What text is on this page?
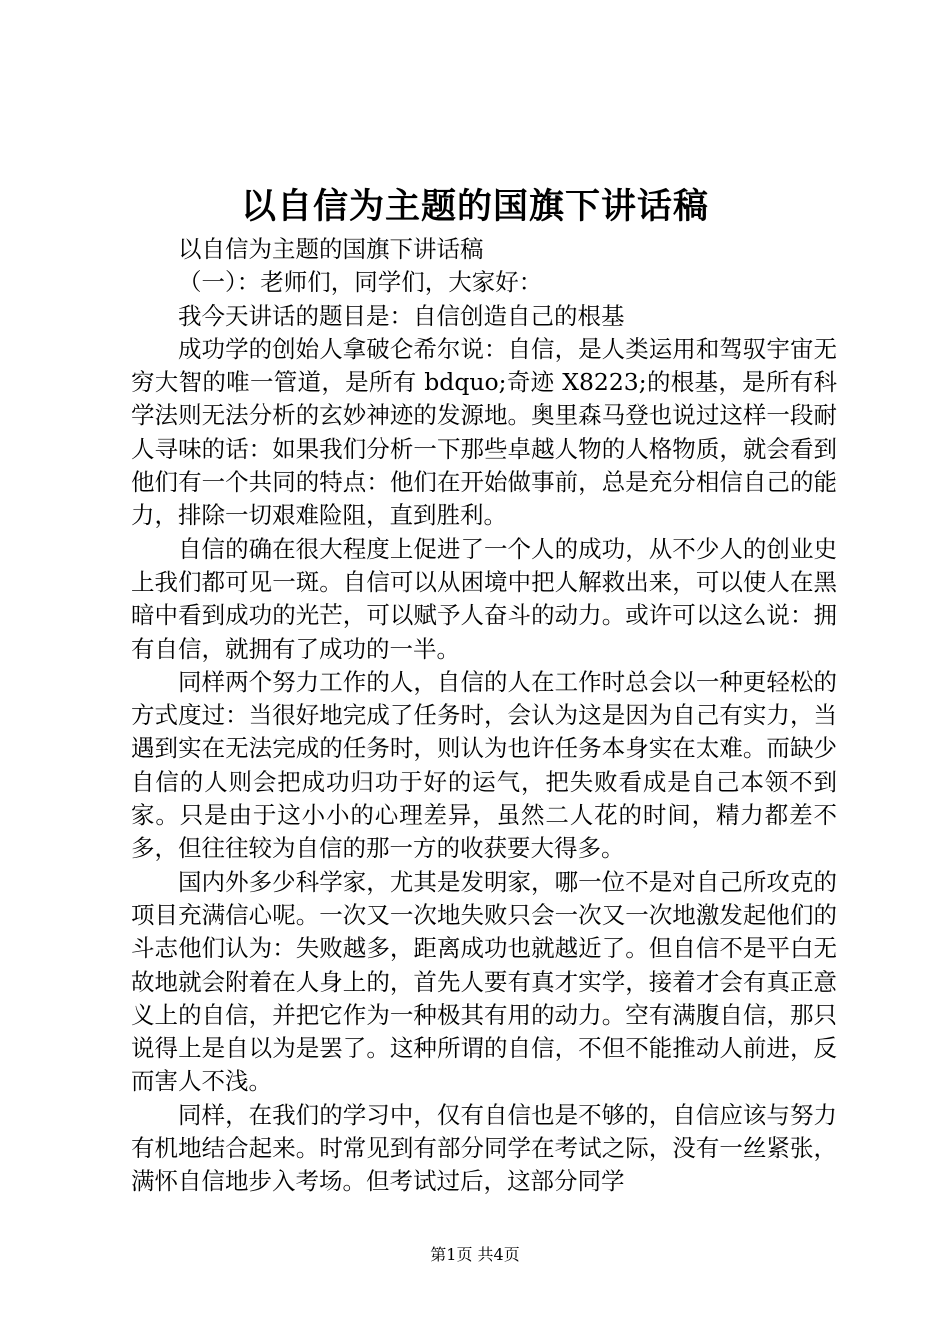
以自信为主题的国旗下讲话稿

以自信为主题的国旗下讲话稿

（一）：老师们，同学们，大家好：

我今天讲话的题目是：自信创造自己的根基

成功学的创始人拿破仑希尔说：自信，是人类运用和驾驭宇宙无穷大智的唯一管道，是所有 bdquo;奇迹 X8223;的根基，是所有科学法则无法分析的玄妙神迹的发源地。奥里森马登也说过这样一段耐人寻味的话：如果我们分析一下那些卓越人物的人格物质，就会看到他们有一个共同的特点：他们在开始做事前，总是充分相信自己的能力，排除一切艰难险阻，直到胜利。

自信的确在很大程度上促进了一个人的成功，从不少人的创业史上我们都可见一斑。自信可以从困境中把人解救出来，可以使人在黑暗中看到成功的光芒，可以赋予人奋斗的动力。或许可以这么说：拥有自信，就拥有了成功的一半。

同样两个努力工作的人，自信的人在工作时总会以一种更轻松的方式度过：当很好地完成了任务时，会认为这是因为自己有实力，当遇到实在无法完成的任务时，则认为也许任务本身实在太难。而缺少自信的人则会把成功归功于好的运气，把失败看成是自己本领不到家。只是由于这小小的心理差异，虽然二人花的时间，精力都差不多，但往往较为自信的那一方的收获要大得多。

国内外多少科学家，尤其是发明家，哪一位不是对自己所攻克的项目充满信心呢。一次又一次地失败只会一次又一次地激发起他们的斗志他们认为：失败越多，距离成功也就越近了。但自信不是平白无故地就会附着在人身上的，首先人要有真才实学，接着才会有真正意义上的自信，并把它作为一种极其有用的动力。空有满腹自信，那只说得上是自以为是罢了。这种所谓的自信，不但不能推动人前进，反而害人不浅。

同样，在我们的学习中，仅有自信也是不够的，自信应该与努力有机地结合起来。时常见到有部分同学在考试之际，没有一丝紧张，满怀自信地步入考场。但考试过后，这部分同学

第1页 共4页
